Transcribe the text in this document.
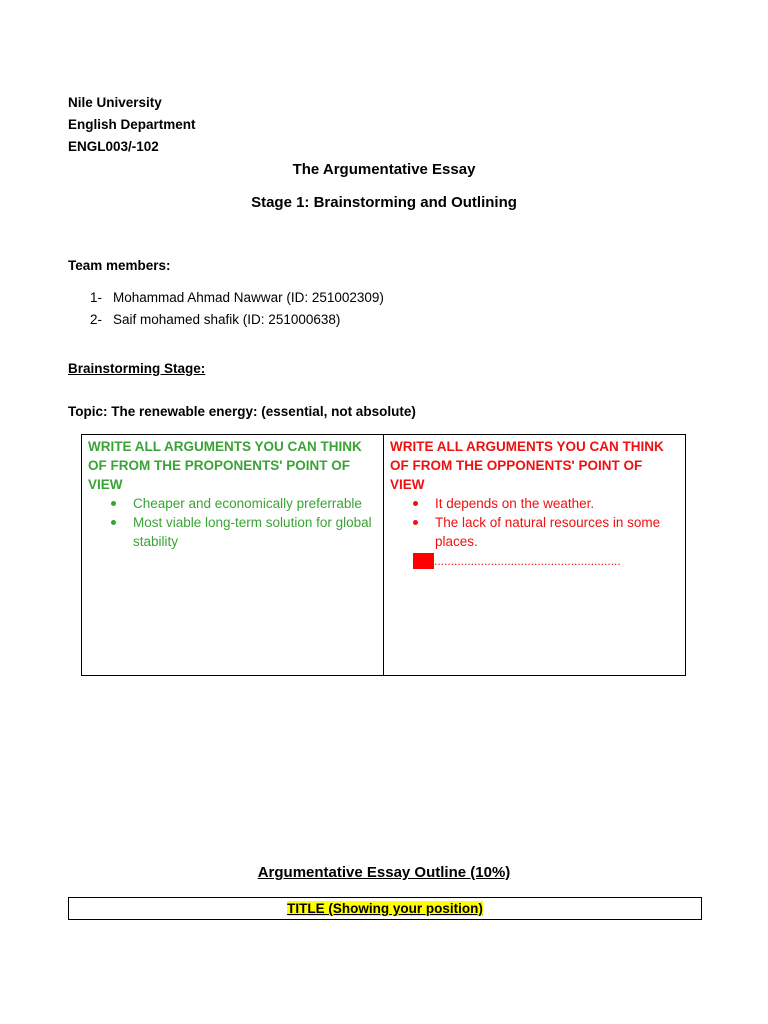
Nile University
English Department
ENGL003/-102
The Argumentative Essay
Stage 1: Brainstorming and Outlining
Team members:
1- Mohammad Ahmad Nawwar (ID: 251002309)
2- Saif mohamed shafik (ID: 251000638)
Brainstorming Stage:
Topic: The renewable energy: (essential, not absolute)
WRITE ALL ARGUMENTS YOU CAN THINK OF FROM THE PROPONENTS' POINT OF VIEW
Cheaper and economically preferrable
Most viable long-term solution for global stability
WRITE ALL ARGUMENTS YOU CAN THINK OF FROM THE OPPONENTS' POINT OF VIEW
It depends on the weather.
The lack of natural resources in some places.
........................................................
Argumentative Essay Outline (10%)
TITLE (Showing your position)
